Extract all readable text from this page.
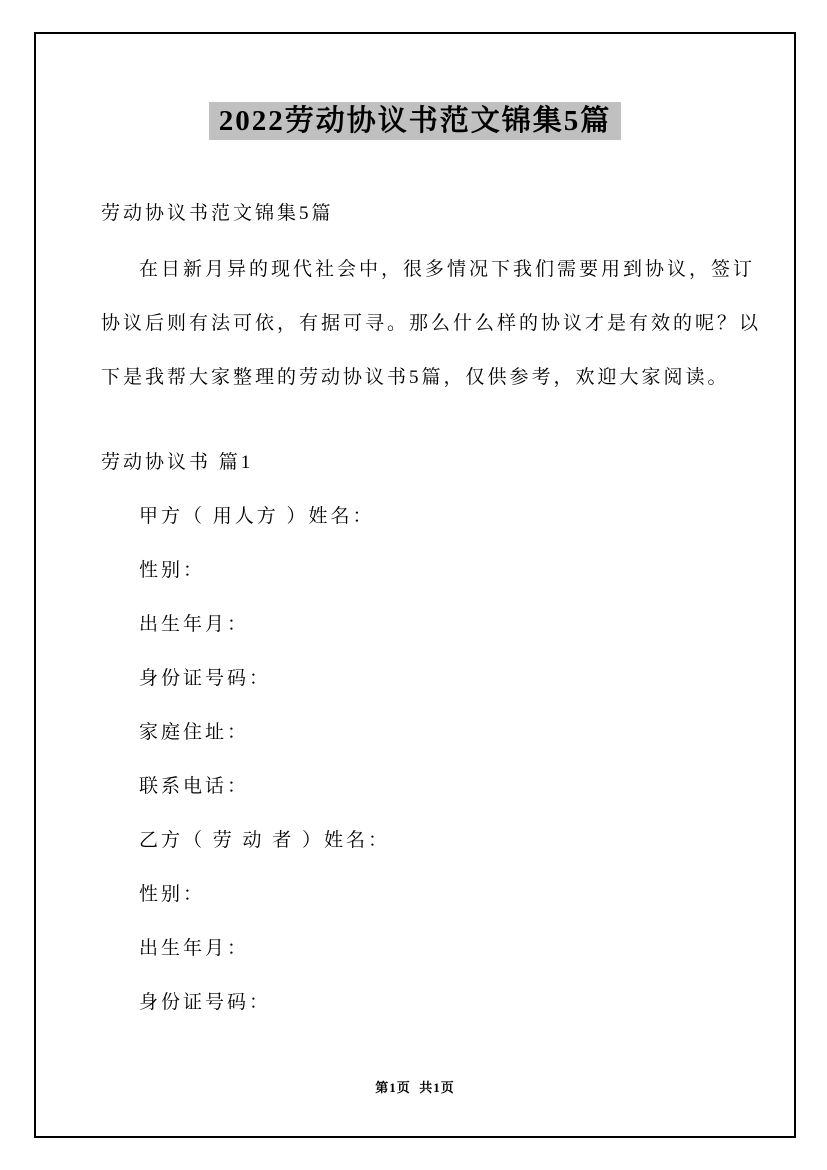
2022劳动协议书范文锦集5篇

劳动协议书范文锦集5篇

在日新月异的现代社会中，很多情况下我们需要用到协议，签订协议后则有法可依，有据可寻。那么什么样的协议才是有效的呢？以下是我帮大家整理的劳动协议书5篇，仅供参考，欢迎大家阅读。

劳动协议书 篇1

甲方（ 用人方 ）姓名：

性别：

出生年月：

身份证号码：

家庭住址：

联系电话：

乙方（ 劳 动 者 ）姓名：

性别：

出生年月：

身份证号码：

第1页  共1页
